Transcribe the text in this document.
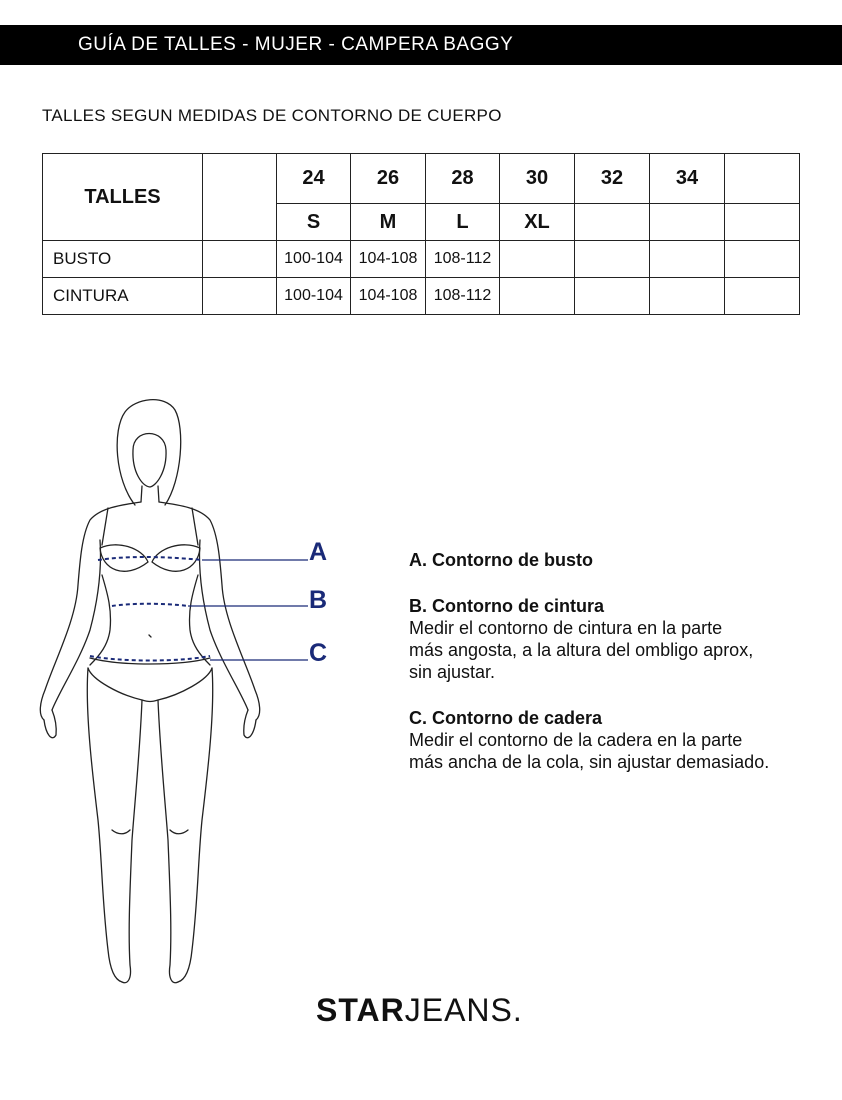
GUÍA DE TALLES - MUJER - CAMPERA BAGGY
TALLES SEGUN MEDIDAS DE CONTORNO DE CUERPO
TALLES		24	26	28	30	32	34	
		S	M	L	XL			
BUSTO		100-104	104-108	108-112				
CINTURA		100-104	104-108	108-112				
A
B
C
A. Contorno de busto
B. Contorno de cintura
Medir el contorno de cintura en la parte
más angosta, a la altura del ombligo aprox,
sin ajustar.
C. Contorno de cadera
Medir el contorno de la cadera en la parte
más ancha de la cola, sin ajustar demasiado.
STARJEANS.
